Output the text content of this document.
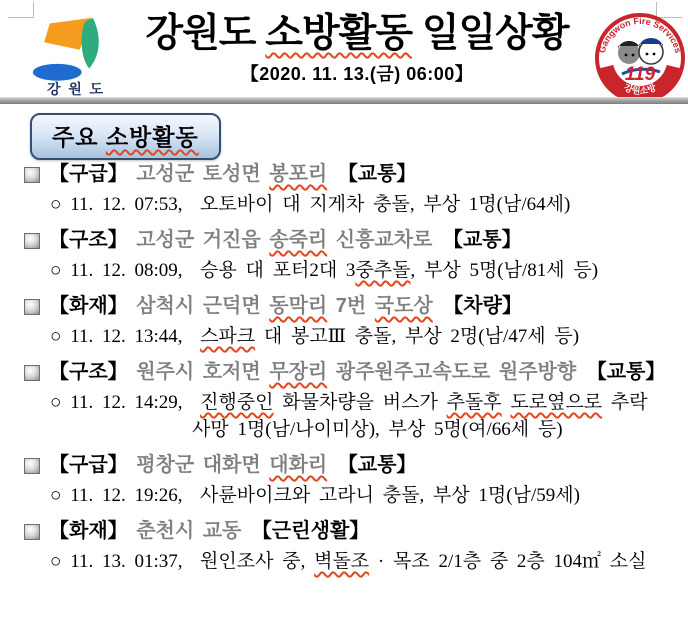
강 원 도
강원도 소방활동 일일상황
【2020. 11. 13.(금) 06:00】
Gangwon Fire Services
119
강원소방
주요 소방활동
【구급】 고성군 토성면 봉포리 【교통】
○ 11. 12. 07:53,  오토바이 대 지게차 충돌, 부상 1명(남/64세)
【구조】 고성군 거진읍 송죽리 신흥교차로 【교통】
○ 11. 12. 08:09,  승용 대 포터2대 3중추돌, 부상 5명(남/81세 등)
【화재】 삼척시 근덕면 동막리 7번 국도상 【차량】
○ 11. 12. 13:44,  스파크 대 봉고Ⅲ 충돌, 부상 2명(남/47세 등)
【구조】 원주시 호저면 무장리 광주원주고속도로 원주방향 【교통】
○ 11. 12. 14:29,  진행중인 화물차량을 버스가 추돌후 도로옆으로 추락
사망 1명(남/나이미상), 부상 5명(여/66세 등)
【구급】 평창군 대화면 대화리 【교통】
○ 11. 12. 19:26,  사륜바이크와 고라니 충돌, 부상 1명(남/59세)
【화재】 춘천시 교동 【근린생활】
○ 11. 13. 01:37,  원인조사 중, 벽돌조 · 목조 2/1층 중 2층 104㎡ 소실
